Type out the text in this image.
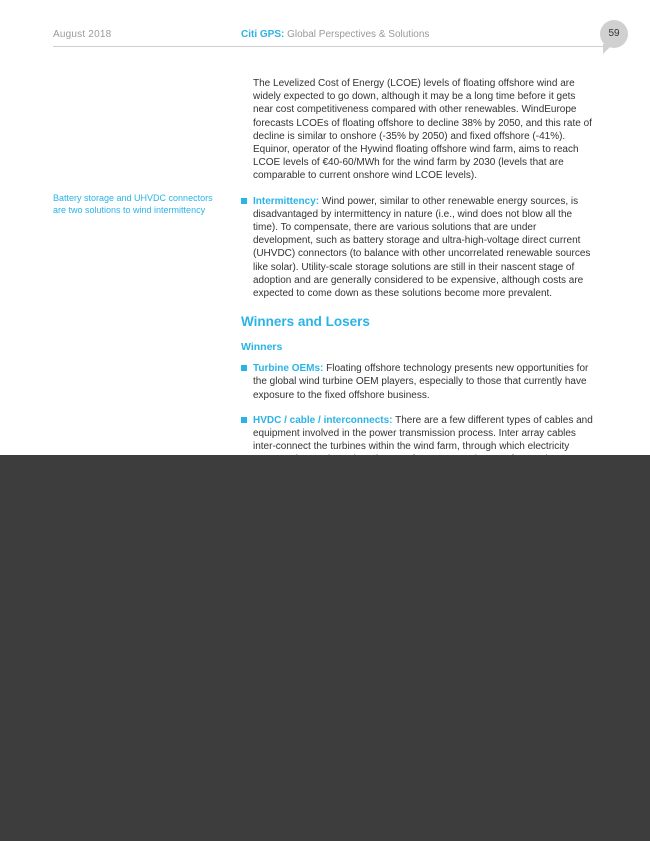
August 2018	Citi GPS: Global Perspectives & Solutions	59
Battery storage and UHVDC connectors are two solutions to wind intermittency

The Levelized Cost of Energy (LCOE) levels of floating offshore wind are widely expected to go down, although it may be a long time before it gets near cost competitiveness compared with other renewables. WindEurope forecasts LCOEs of floating offshore to decline 38% by 2050, and this rate of decline is similar to onshore (-35% by 2050) and fixed offshore (-41%). Equinor, operator of the Hywind floating offshore wind farm, aims to reach LCOE levels of €40-60/MWh for the wind farm by 2030 (levels that are comparable to current onshore wind LCOE levels).

Intermittency: Wind power, similar to other renewable energy sources, is disadvantaged by intermittency in nature (i.e., wind does not blow all the time). To compensate, there are various solutions that are under development, such as battery storage and ultra-high-voltage direct current (UHVDC) connectors (to balance with other uncorrelated renewable sources like solar). Utility-scale storage solutions are still in their nascent stage of adoption and are generally considered to be expensive, although costs are expected to come down as these solutions become more prevalent.
Winners and Losers
Winners
Turbine OEMs: Floating offshore technology presents new opportunities for the global wind turbine OEM players, especially to those that currently have exposure to the fixed offshore business.
HVDC / cable / interconnects: There are a few different types of cables and equipment involved in the power transmission process. Inter array cables inter-connect the turbines within the wind farm, through which electricity
